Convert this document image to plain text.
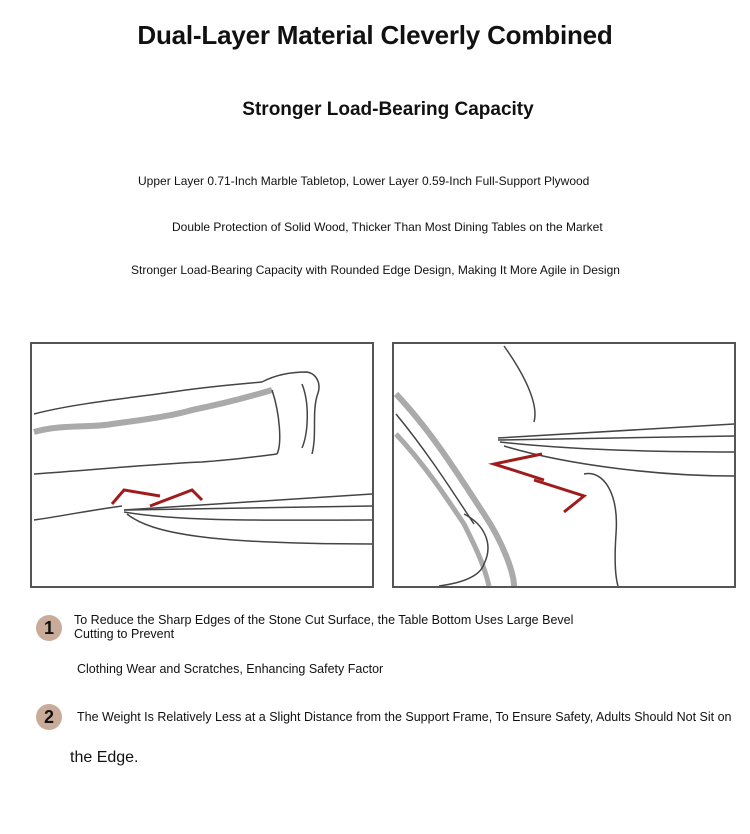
Dual-Layer Material Cleverly Combined
Stronger Load-Bearing Capacity
Upper Layer 0.71-Inch Marble Tabletop, Lower Layer 0.59-Inch Full-Support Plywood
Double Protection of Solid Wood, Thicker Than Most Dining Tables on the Market
Stronger Load-Bearing Capacity with Rounded Edge Design, Making It More Agile in Design
1	To Reduce the Sharp Edges of the Stone Cut Surface, the Table Bottom Uses Large Bevel Cutting to Prevent
Clothing Wear and Scratches, Enhancing Safety Factor
2	The Weight Is Relatively Less at a Slight Distance from the Support Frame, To Ensure Safety, Adults Should Not Sit on
the Edge.
